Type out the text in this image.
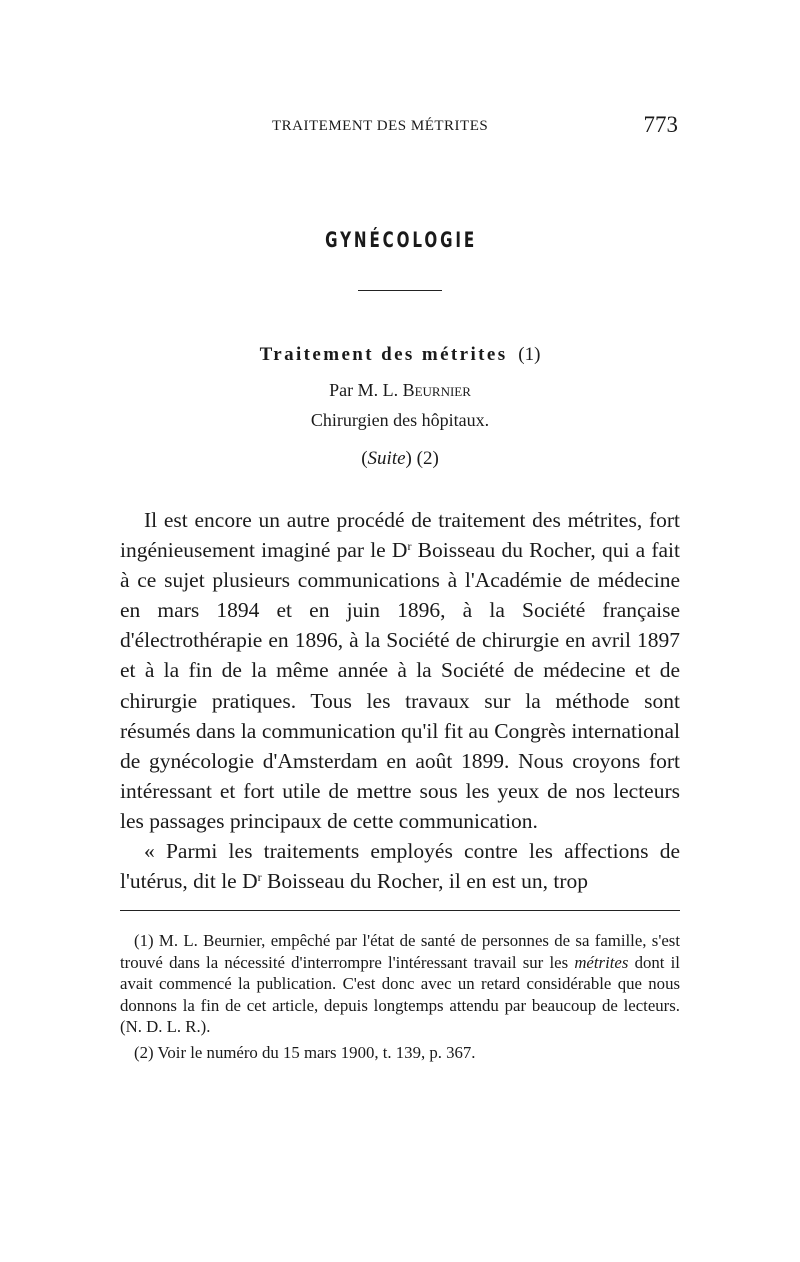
TRAITEMENT DES MÉTRITES	773
GYNÉCOLOGIE
Traitement des métrites (1)
Par M. L. Beurnier
Chirurgien des hôpitaux.
(Suite) (2)

Il est encore un autre procédé de traitement des métrites, fort ingénieusement imaginé par le $D^r$ Boisseau du Rocher, qui a fait à ce sujet plusieurs communications à l'Académie de médecine en mars 1894 et en juin 1896, à la Société française d'électrothérapie en 1896, à la Société de chirurgie en avril 1897 et à la fin de la même année à la Société de médecine et de chirurgie pratiques. Tous les travaux sur la méthode sont résumés dans la communication qu'il fit au Congrès international de gynécologie d'Amsterdam en août 1899. Nous croyons fort intéressant et fort utile de mettre sous les yeux de nos lecteurs les passages principaux de cette communication.

« Parmi les traitements employés contre les affections de l'utérus, dit le $D^r$ Boisseau du Rocher, il en est un, trop

(1) M. L. Beurnier, empêché par l'état de santé de personnes de sa famille, s'est trouvé dans la nécessité d'interrompre l'intéressant travail sur les métrites dont il avait commencé la publication. C'est donc avec un retard considérable que nous donnons la fin de cet article, depuis longtemps attendu par beaucoup de lecteurs. (N. D. L. R.).

(2) Voir le numéro du 15 mars 1900, t. 139, p. 367.
